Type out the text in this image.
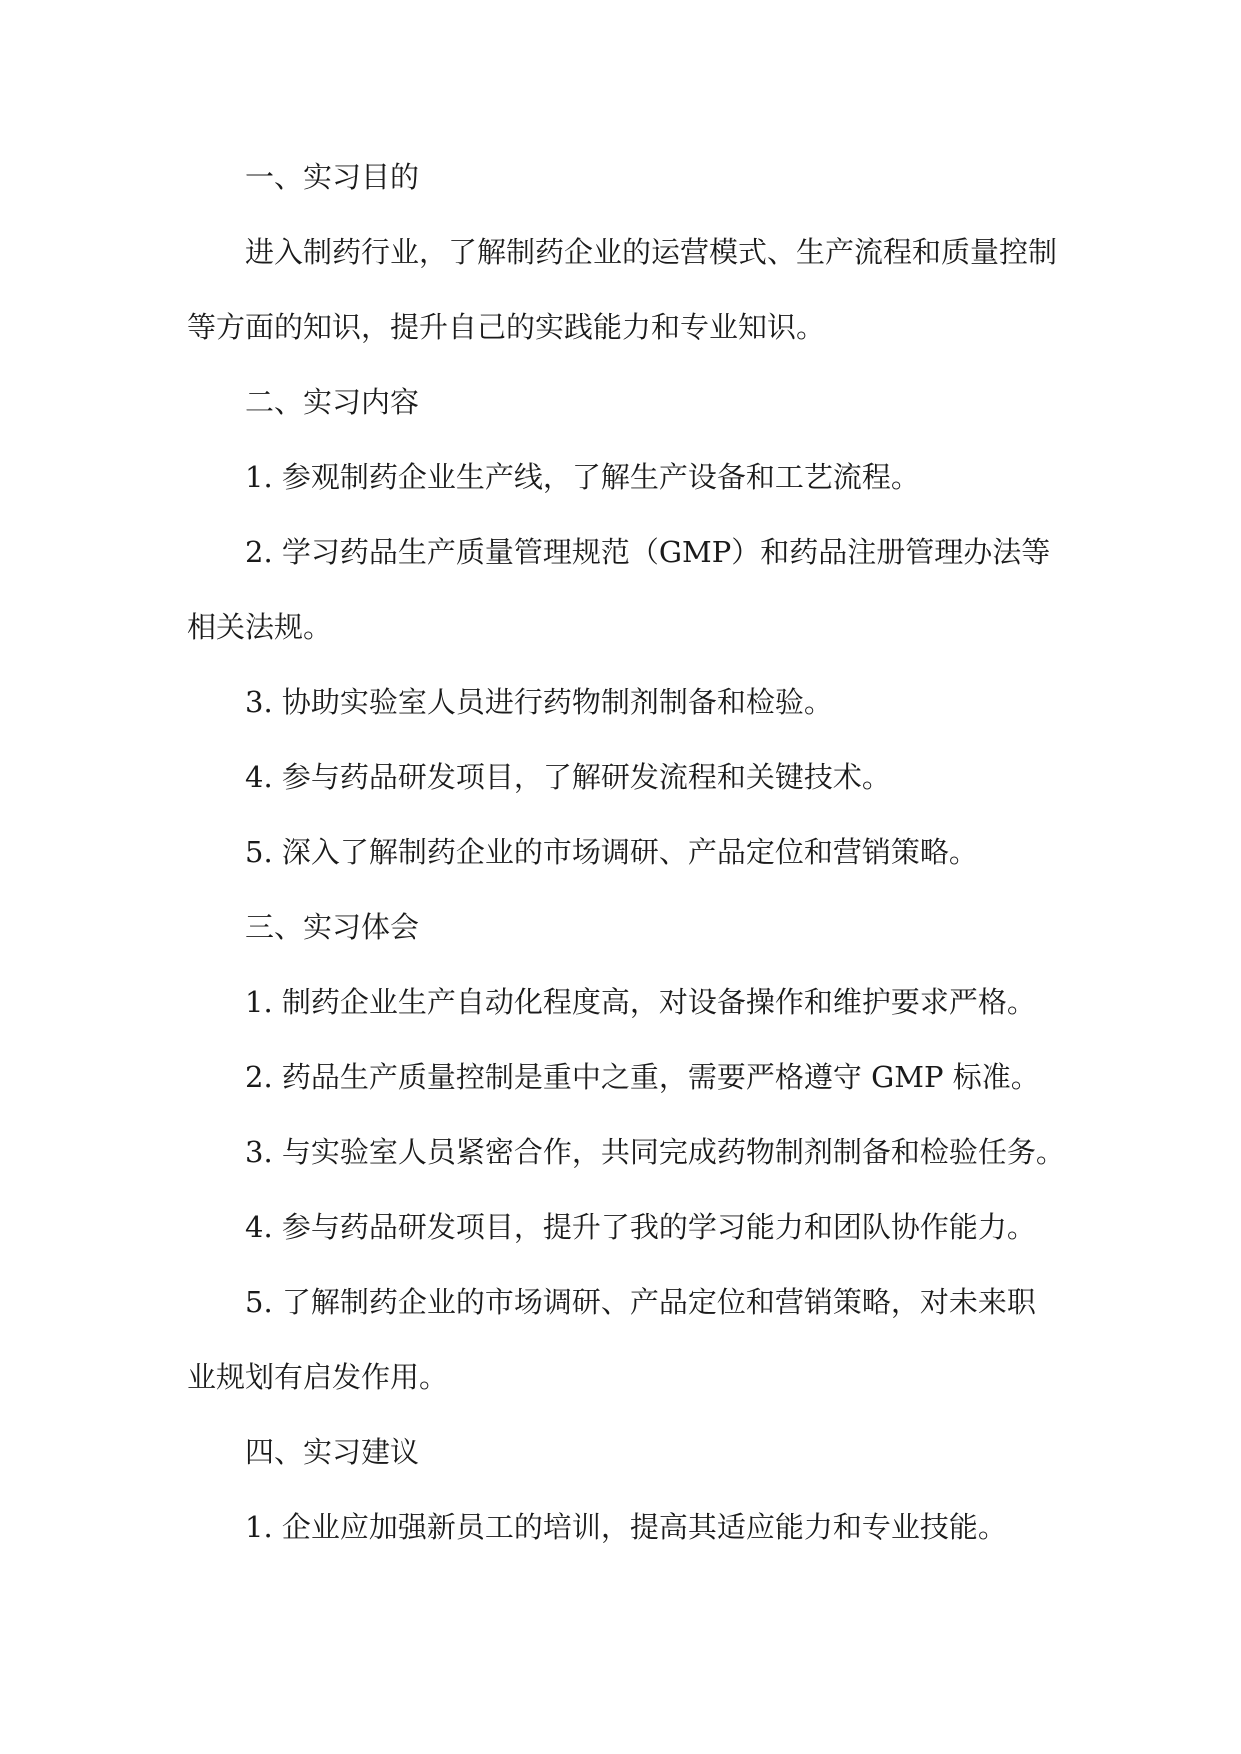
一、实习目的

进入制药行业，了解制药企业的运营模式、生产流程和质量控制等方面的知识，提升自己的实践能力和专业知识。

二、实习内容

1. 参观制药企业生产线，了解生产设备和工艺流程。

2. 学习药品生产质量管理规范（GMP）和药品注册管理办法等相关法规。

3. 协助实验室人员进行药物制剂制备和检验。

4. 参与药品研发项目，了解研发流程和关键技术。

5. 深入了解制药企业的市场调研、产品定位和营销策略。

三、实习体会

1. 制药企业生产自动化程度高，对设备操作和维护要求严格。

2. 药品生产质量控制是重中之重，需要严格遵守 GMP 标准。

3. 与实验室人员紧密合作，共同完成药物制剂制备和检验任务。

4. 参与药品研发项目，提升了我的学习能力和团队协作能力。

5. 了解制药企业的市场调研、产品定位和营销策略，对未来职业规划有启发作用。

四、实习建议

1. 企业应加强新员工的培训，提高其适应能力和专业技能。
